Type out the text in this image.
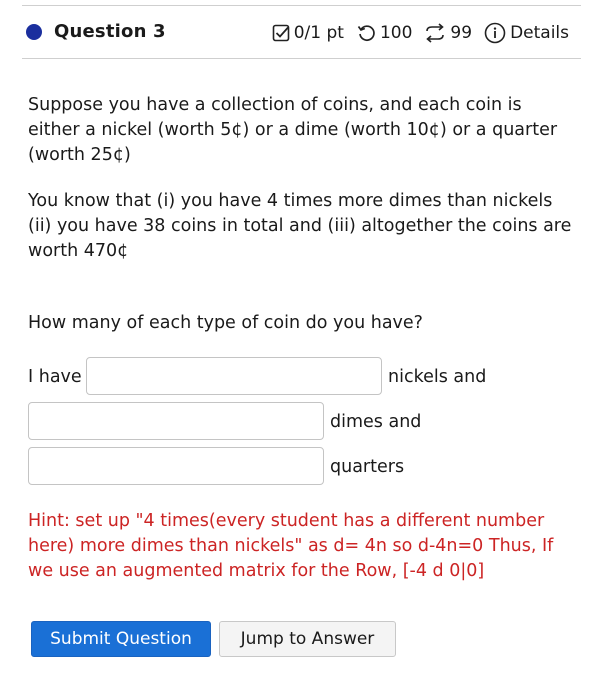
Question 3	0/1 pt 100 99 Details
Suppose you have a collection of coins, and each coin is either a nickel (worth 5¢) or a dime (worth 10¢) or a quarter (worth 25¢)
You know that (i) you have 4 times more dimes than nickels (ii) you have 38 coins in total and (iii) altogether the coins are worth 470¢
How many of each type of coin do you have?
I have	nickels and
dimes and
quarters
Hint: set up "4 times(every student has a different number here) more dimes than nickels" as d= 4n so d-4n=0 Thus, If we use an augmented matrix for the Row, [-4 d 0|0]
Submit Question	Jump to Answer
